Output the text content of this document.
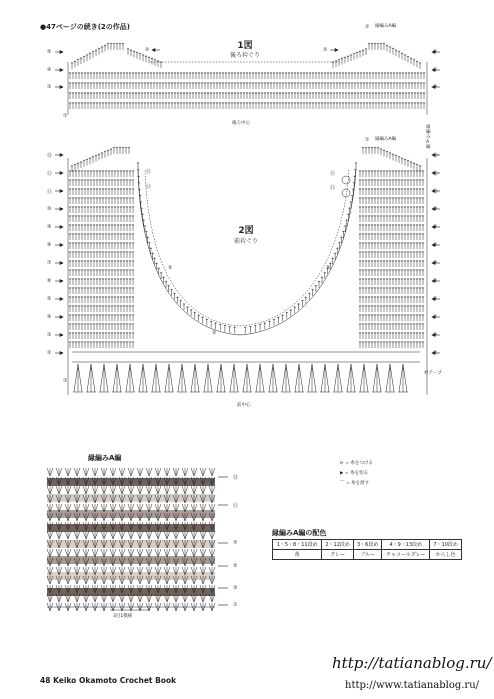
●47ページの続き(2の作品)
1図
後ろ衿ぐり
後ろ中心
縁編みA編
⑤
④
③
①
②	②	⑤
④
③
①
2図
前衿ぐり
前中心
縁編みA編
杉テープ
縁編みA編
⑬
⑫
⑪
⑩
⑨
⑧
⑦
⑥
⑤
④
③
②
①
⑬
⑫
⑪
⑩
⑨
⑧
⑦
⑥
⑤
④
③
②
⑫
⑪
⑤
②
⑫
⑪
⑤
①
縁編みA編
3目1模様
⑬
⑫
⑦
⑤
③
①
⊳ = 糸をつける
▶ = 糸を切る
⌒ = 糸を渡す
縁編みA編の配色
1・5・8・11段め	2・12段め	3・6段め	4・9・13段め	7・10段め
黄	グレー	ブルー	チャコールグレー	からし色
48 Keiko Okamoto Crochet Book
http://tatianablog.ru/
http://www.tatianablog.ru/
